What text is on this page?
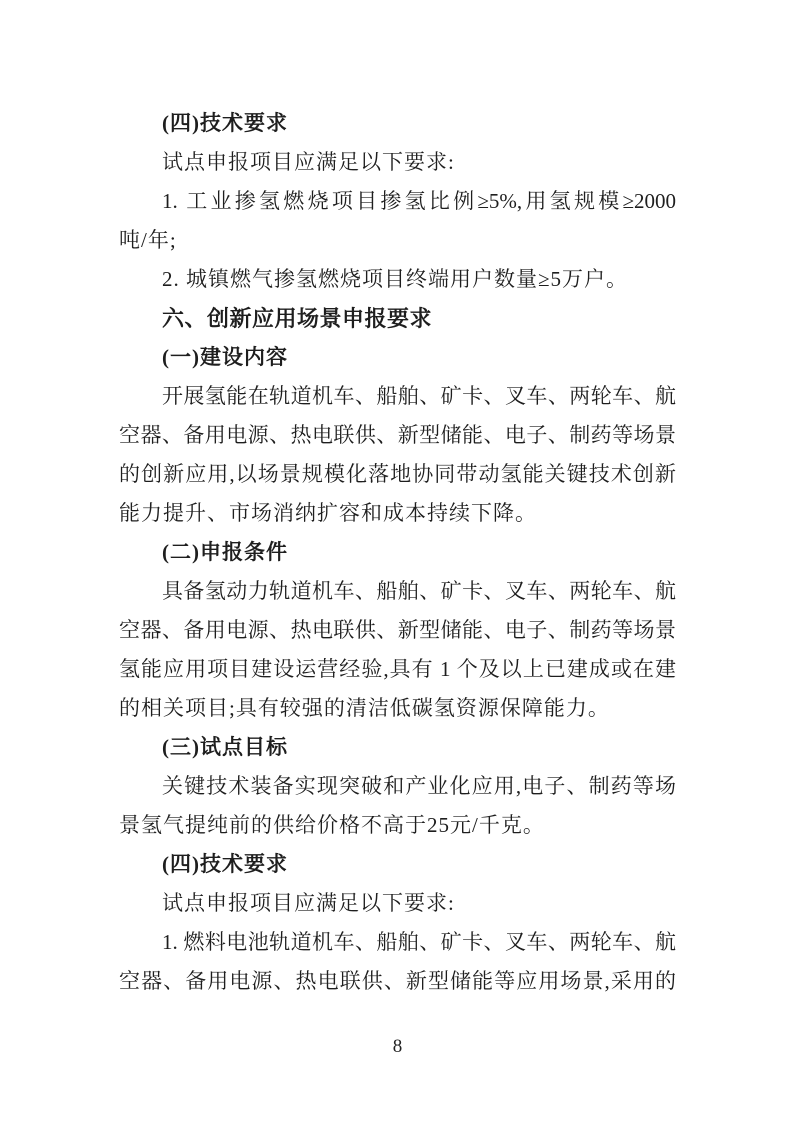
(四)技术要求
试点申报项目应满足以下要求:
1. 工业掺氢燃烧项目掺氢比例≥5%,用氢规模≥2000
吨/年;
2. 城镇燃气掺氢燃烧项目终端用户数量≥5万户。
六、创新应用场景申报要求
(一)建设内容
开展氢能在轨道机车、船舶、矿卡、叉车、两轮车、航
空器、备用电源、热电联供、新型储能、电子、制药等场景
的创新应用,以场景规模化落地协同带动氢能关键技术创新
能力提升、市场消纳扩容和成本持续下降。
(二)申报条件
具备氢动力轨道机车、船舶、矿卡、叉车、两轮车、航
空器、备用电源、热电联供、新型储能、电子、制药等场景
氢能应用项目建设运营经验,具有 1 个及以上已建成或在建
的相关项目;具有较强的清洁低碳氢资源保障能力。
(三)试点目标
关键技术装备实现突破和产业化应用,电子、制药等场
景氢气提纯前的供给价格不高于25元/千克。
(四)技术要求
试点申报项目应满足以下要求:
1. 燃料电池轨道机车、船舶、矿卡、叉车、两轮车、航
空器、备用电源、热电联供、新型储能等应用场景,采用的
8
